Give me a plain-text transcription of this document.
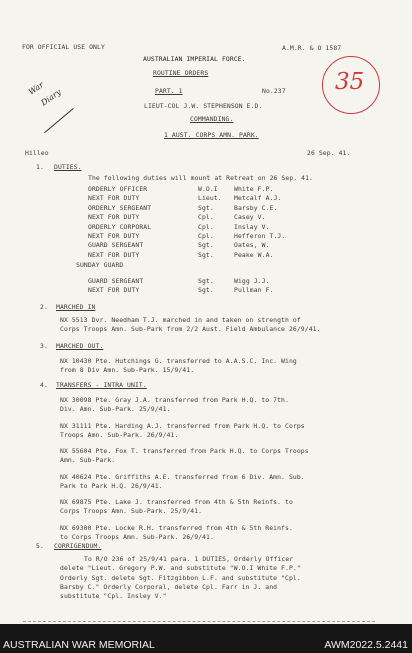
FOR OFFICIAL USE ONLY	A.M.R. & O 1587
AUSTRALIAN IMPERIAL FORCE.
ROUTINE ORDERS
PART. 1	No.237
LIEUT-COL J.W. STEPHENSON E.D.
COMMANDING.
1 AUST. CORPS AMN. PARK.
Hilleo	26 Sep. 41.
War
Diary
35
1. DUTIES.
The following duties will mount at Retreat on 26 Sep. 41.
ORDERLY OFFICER	W.O.I	White F.P.
NEXT FOR DUTY	Lieut. Metcalf A.J.
ORDERLY SERGEANT	Sgt.	Barsby C.E.
NEXT FOR DUTY	Cpl.	Casey V.
ORDERLY CORPORAL	Cpl.	Inslay V.
NEXT FOR DUTY	Cpl.	Hefferon T.J.
GUARD SERGEANT	Sgt.	Oates, W.
NEXT FOR DUTY	Sgt.	Peake W.A.
SUNDAY GUARD
GUARD SERGEANT	Sgt.	Wigg J.J.
NEXT FOR DUTY	Sgt.	Pullman F.
2. MARCHED IN
NX 5513 Dvr. Needham T.J. marched in and taken on strength of
Corps Troops Amn. Sub-Park from 2/2 Aust. Field Ambulance 26/9/41.
3. MARCHED OUT.
NX 10430 Pte. Hutchings G. transferred to A.A.S.C. Inc. Wing
from 8 Div Amn. Sub-Park. 15/9/41.
4. TRANSFERS - INTRA UNIT.
NX 30098 Pte. Gray J.A. transferred from Park H.Q. to 7th.
Div. Amn. Sub-Park. 25/9/41.
NX 31111 Pte. Harding A.J. transferred from Park H.Q. to Corps
Troops Amn. Sub-Park. 26/9/41.
NX 55604 Pte. Fox T. transferred from Park H.Q. to Corps Troops
Amn. Sub-Park.
NX 40624 Pte. Griffiths A.E. transferred from 6 Div. Amn. Sub.
Park to Park H.Q. 26/9/41.
NX 69875 Pte. Lake J. transferred from 4th & 5th Reinfs. to
Corps Troops Amn. Sub-Park. 25/9/41.
NX 69300 Pte. Locke R.H. transferred from 4th & 5th Reinfs.
to Corps Troops Amn. Sub-Park. 26/9/41.
5. CORRIGENDUM.
To R/O 236 of 25/9/41 para. 1 DUTIES, Orderly Officer
delete "Lieut. Gregory P.W. and substitute "W.O.I White F.P."
Orderly Sgt. delete Sgt. Fitzgibbon L.F. and substitute "Cpl.
Barsby C." Orderly Corporal, delete Cpl. Farr in J. and
substitute "Cpl. Insley V."
AUSTRALIAN WAR MEMORIAL	AWM2022.5.2441
